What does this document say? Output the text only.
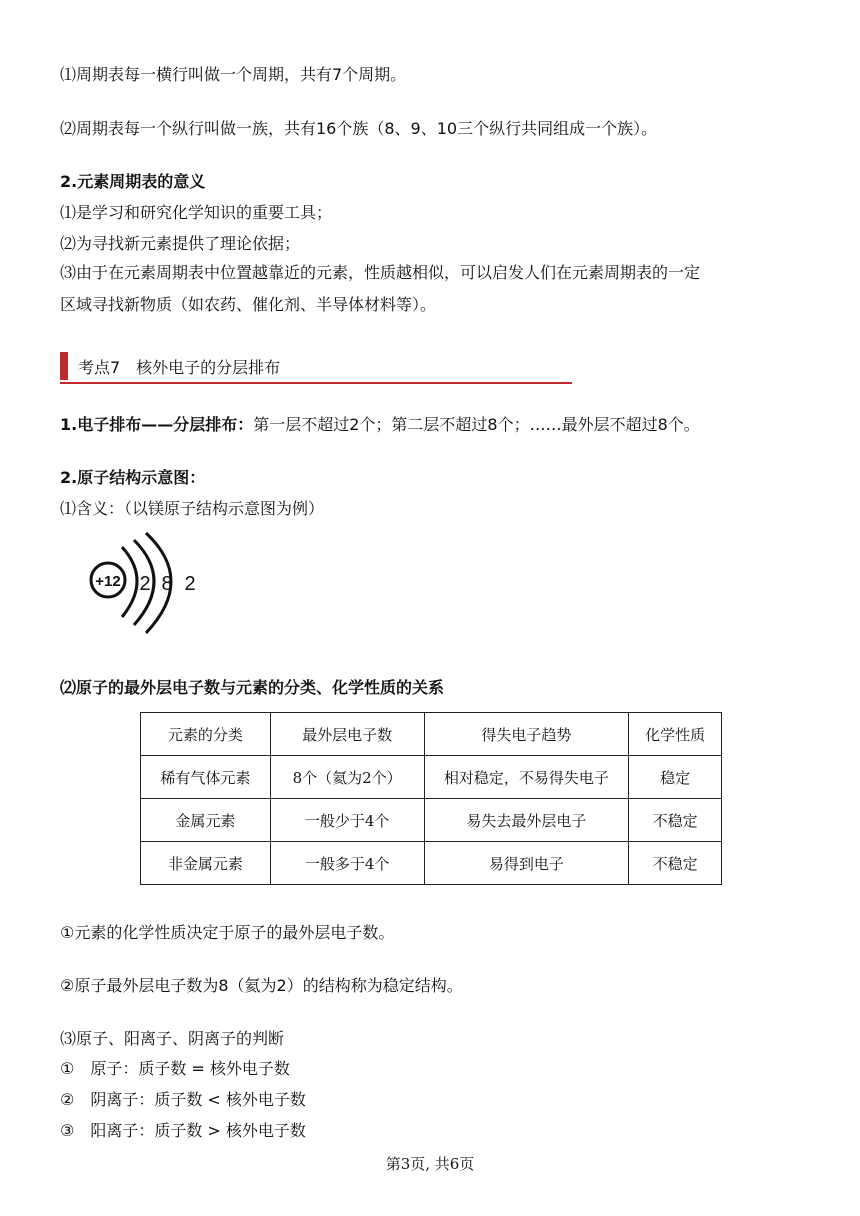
⑴周期表每一横行叫做一个周期，共有7个周期。
⑵周期表每一个纵行叫做一族，共有16个族（8、9、10三个纵行共同组成一个族）。
2.元素周期表的意义
⑴是学习和研究化学知识的重要工具；
⑵为寻找新元素提供了理论依据；
⑶由于在元素周期表中位置越靠近的元素，性质越相似，可以启发人们在元素周期表的一定
区域寻找新物质（如农药、催化剂、半导体材料等）。
考点7　核外电子的分层排布
1.电子排布——分层排布：第一层不超过2个；第二层不超过8个；……最外层不超过8个。
2.原子结构示意图：
⑴含义：（以镁原子结构示意图为例）
+12 2 8 2
⑵原子的最外层电子数与元素的分类、化学性质的关系
元素的分类	最外层电子数	得失电子趋势	化学性质
稀有气体元素	8个（氦为2个）	相对稳定，不易得失电子	稳定
金属元素	一般少于4个	易失去最外层电子	不稳定
非金属元素	一般多于4个	易得到电子	不稳定
①元素的化学性质决定于原子的最外层电子数。
②原子最外层电子数为8（氦为2）的结构称为稳定结构。
⑶原子、阳离子、阴离子的判断
①　原子：质子数 = 核外电子数
②　阴离子：质子数 < 核外电子数
③　阳离子：质子数 > 核外电子数
第3页, 共6页
